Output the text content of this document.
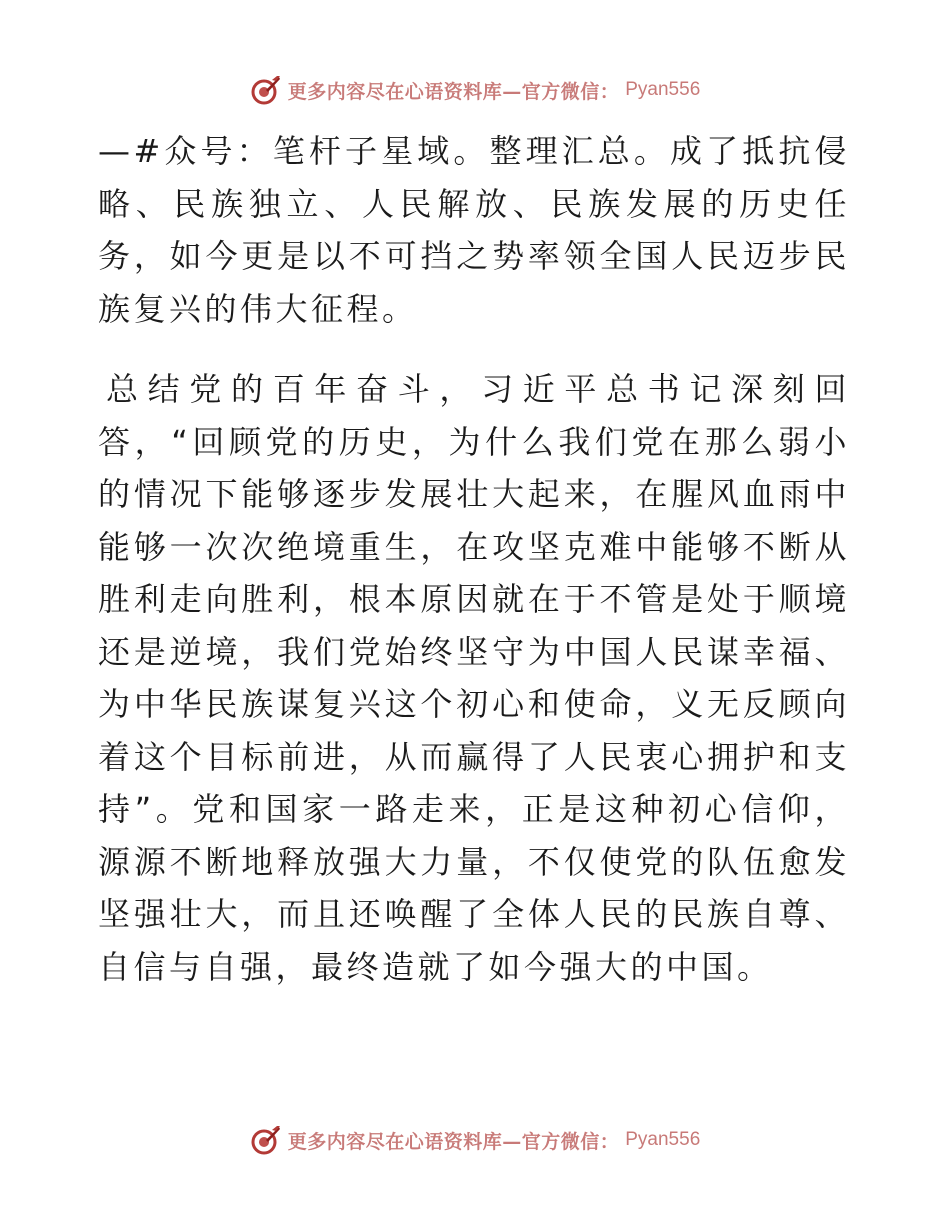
更多内容尽在心语资料库—官方微信： Pyan556

—#众号：笔杆子星域。整理汇总。成了抵抗侵略、民族独立、人民解放、民族发展的历史任务，如今更是以不可挡之势率领全国人民迈步民族复兴的伟大征程。

总结党的百年奋斗，习近平总书记深刻回答，“回顾党的历史，为什么我们党在那么弱小的情况下能够逐步发展壮大起来，在腥风血雨中能够一次次绝境重生，在攻坚克难中能够不断从胜利走向胜利，根本原因就在于不管是处于顺境还是逆境，我们党始终坚守为中国人民谋幸福、为中华民族谋复兴这个初心和使命，义无反顾向着这个目标前进，从而赢得了人民衷心拥护和支持”。党和国家一路走来，正是这种初心信仰，源源不断地释放强大力量，不仅使党的队伍愈发坚强壮大，而且还唤醒了全体人民的民族自尊、自信与自强，最终造就了如今强大的中国。

更多内容尽在心语资料库—官方微信： Pyan556
